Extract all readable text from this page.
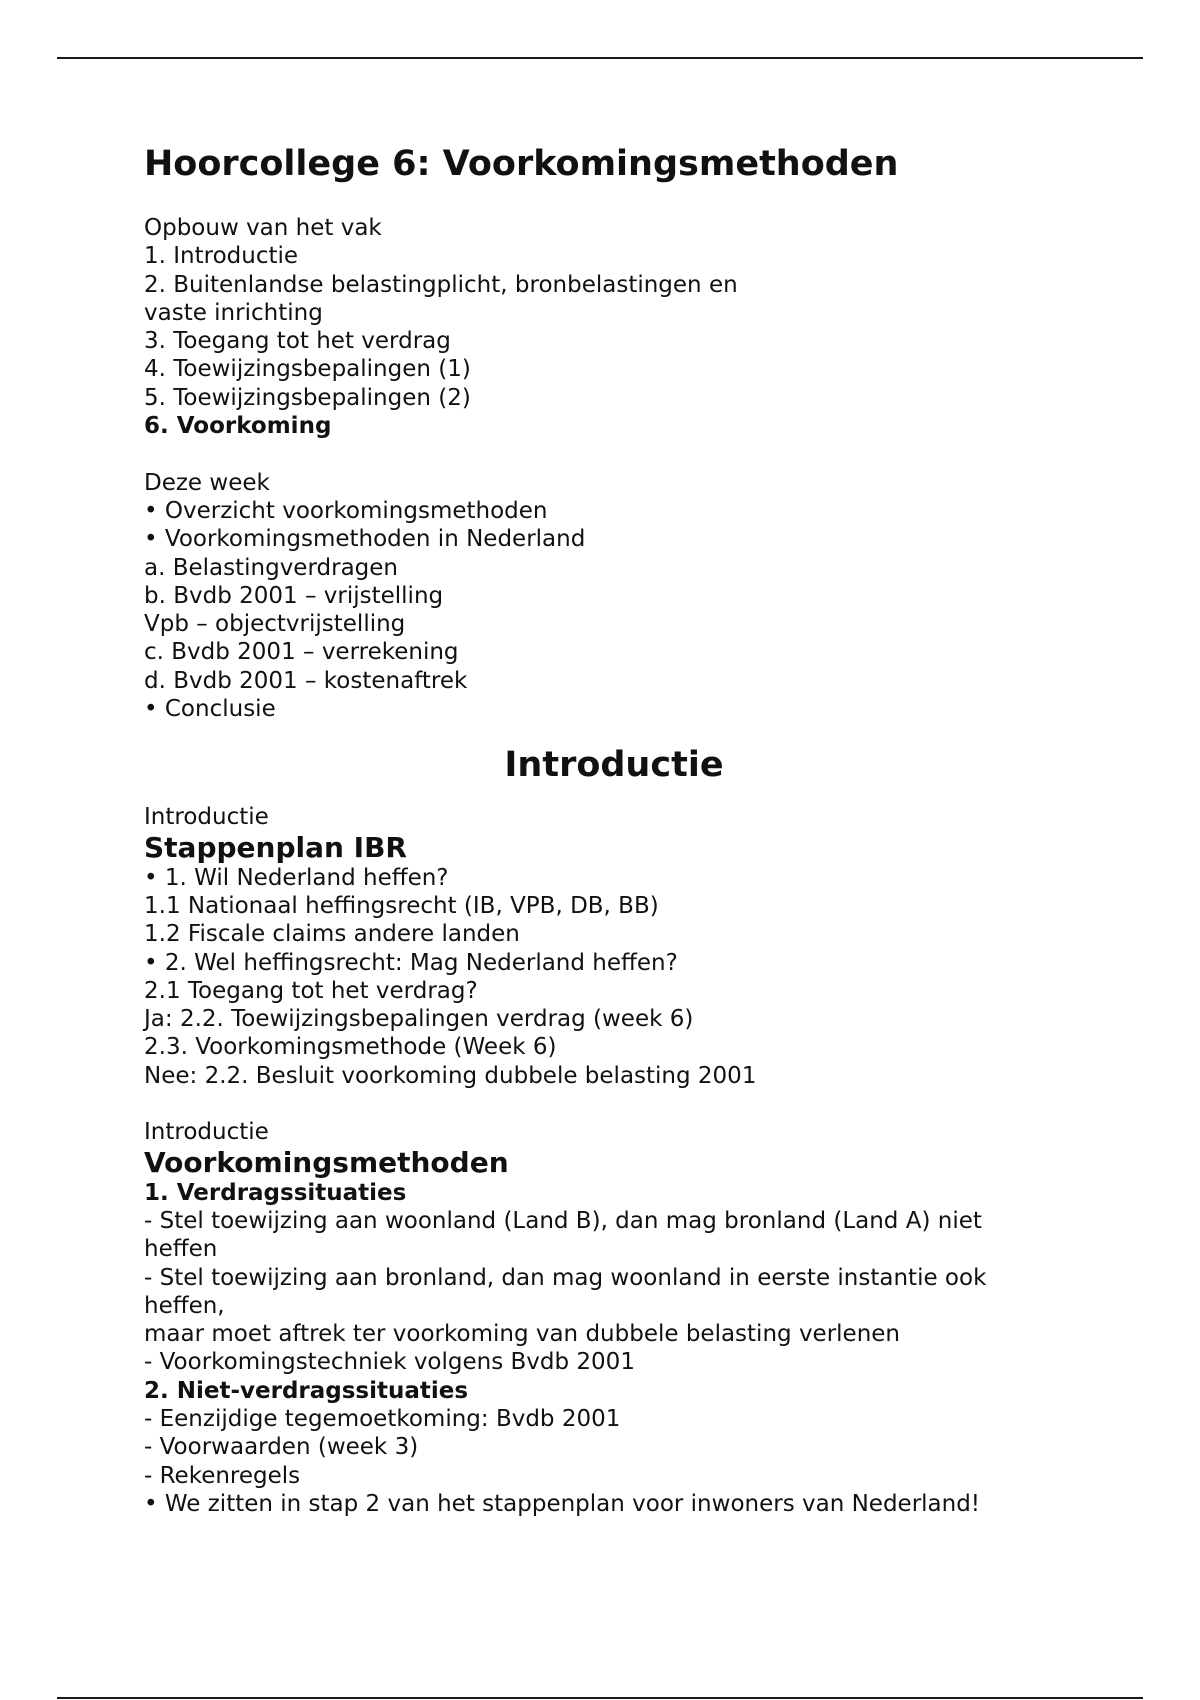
Hoorcollege 6: Voorkomingsmethoden
Opbouw van het vak
1. Introductie
2. Buitenlandse belastingplicht, bronbelastingen en
vaste inrichting
3. Toegang tot het verdrag
4. Toewijzingsbepalingen (1)
5. Toewijzingsbepalingen (2)
6. Voorkoming
Deze week
• Overzicht voorkomingsmethoden
• Voorkomingsmethoden in Nederland
a. Belastingverdragen
b. Bvdb 2001 – vrijstelling
Vpb – objectvrijstelling
c. Bvdb 2001 – verrekening
d. Bvdb 2001 – kostenaftrek
• Conclusie
Introductie
Introductie
Stappenplan IBR
• 1. Wil Nederland heffen?
1.1 Nationaal heffingsrecht (IB, VPB, DB, BB)
1.2 Fiscale claims andere landen
• 2. Wel heffingsrecht: Mag Nederland heffen?
2.1 Toegang tot het verdrag?
Ja: 2.2. Toewijzingsbepalingen verdrag (week 6)
2.3. Voorkomingsmethode (Week 6)
Nee: 2.2. Besluit voorkoming dubbele belasting 2001
Introductie
Voorkomingsmethoden
1. Verdragssituaties
- Stel toewijzing aan woonland (Land B), dan mag bronland (Land A) niet
heffen
- Stel toewijzing aan bronland, dan mag woonland in eerste instantie ook
heffen,
maar moet aftrek ter voorkoming van dubbele belasting verlenen
- Voorkomingstechniek volgens Bvdb 2001
2. Niet-verdragssituaties
- Eenzijdige tegemoetkoming: Bvdb 2001
- Voorwaarden (week 3)
- Rekenregels
• We zitten in stap 2 van het stappenplan voor inwoners van Nederland!
